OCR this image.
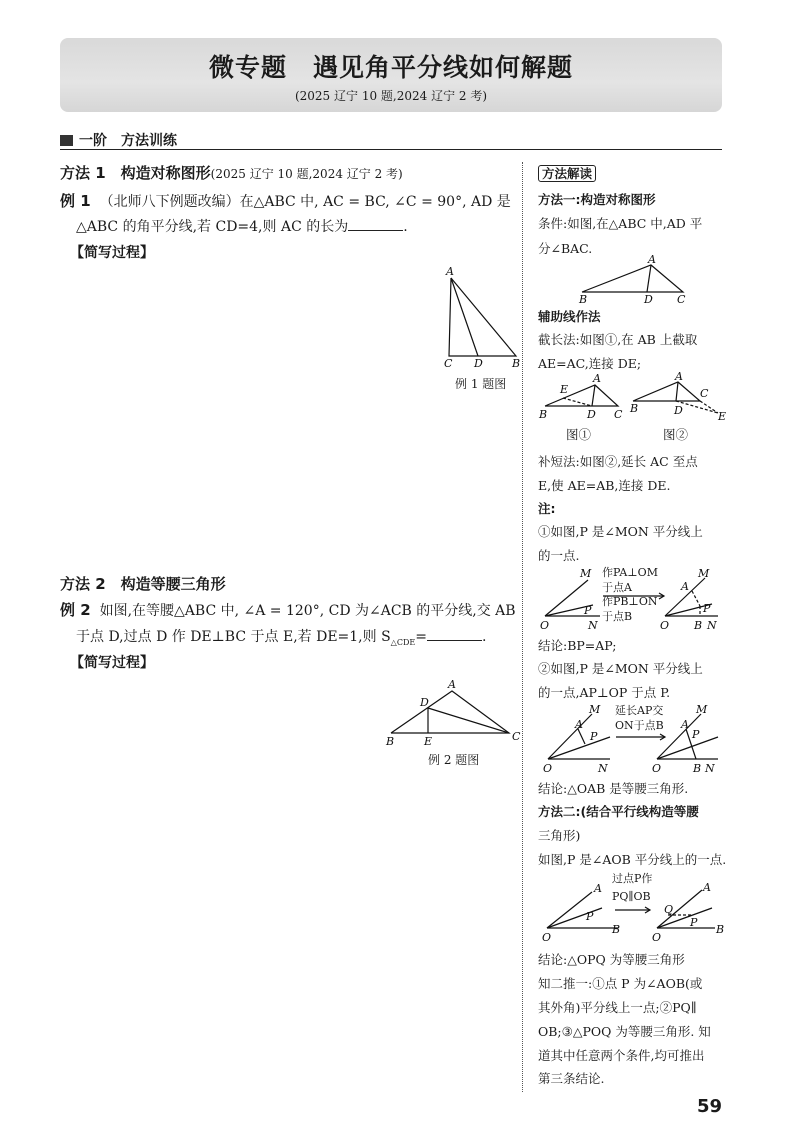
微专题　遇见角平分线如何解题
(2025 辽宁 10 题,2024 辽宁 2 考)
一阶　方法训练
方法 1　构造对称图形(2025 辽宁 10 题,2024 辽宁 2 考)
例 1 （北师八下例题改编）在△ABC 中, AC = BC, ∠C = 90°, AD 是
△ABC 的角平分线,若 CD=4,则 AC 的长为	.
【简写过程】
A
C D	B
例 1 题图
方法 2　构造等腰三角形
例 2 如图,在等腰△ABC 中, ∠A = 120°, CD 为∠ACB 的平分线,交 AB
于点 D,过点 D 作 DE⊥BC 于点 E,若 DE=1,则 $S_{\triangle CDE}=$	.
【简写过程】
A
D
B	E	C
例 2 题图
方法解读
方法一:构造对称图形
条件:如图,在△ABC 中,AD 平
分∠BAC.
A
B	D C
E
A
B	D C
A
B	D
C
E
M
P
O	N
A
M
P
O B N
M
A
P
O	N
M
A
P
O	B N
A
P
O
B
A
Q
P
O
B
辅助线作法
截长法:如图①,在 AB 上截取
AE=AC,连接 DE;
图①	图②
补短法:如图②,延长 AC 至点
E,使 AE=AB,连接 DE.
注:
①如图,P 是∠MON 平分线上
的一点.
作PA⊥OM
于点A
作PB⊥ON
于点B
结论:BP=AP;
②如图,P 是∠MON 平分线上
的一点,AP⊥OP 于点 P.
延长AP交
ON于点B
结论:△OAB 是等腰三角形.
方法二:(结合平行线构造等腰
三角形)
如图,P 是∠AOB 平分线上的一点.
过点P作
PQ∥OB
结论:△OPQ 为等腰三角形
知二推一:①点 P 为∠AOB(或
其外角)平分线上一点;②PQ∥
OB;③△POQ 为等腰三角形. 知
道其中任意两个条件,均可推出
第三条结论.
59
